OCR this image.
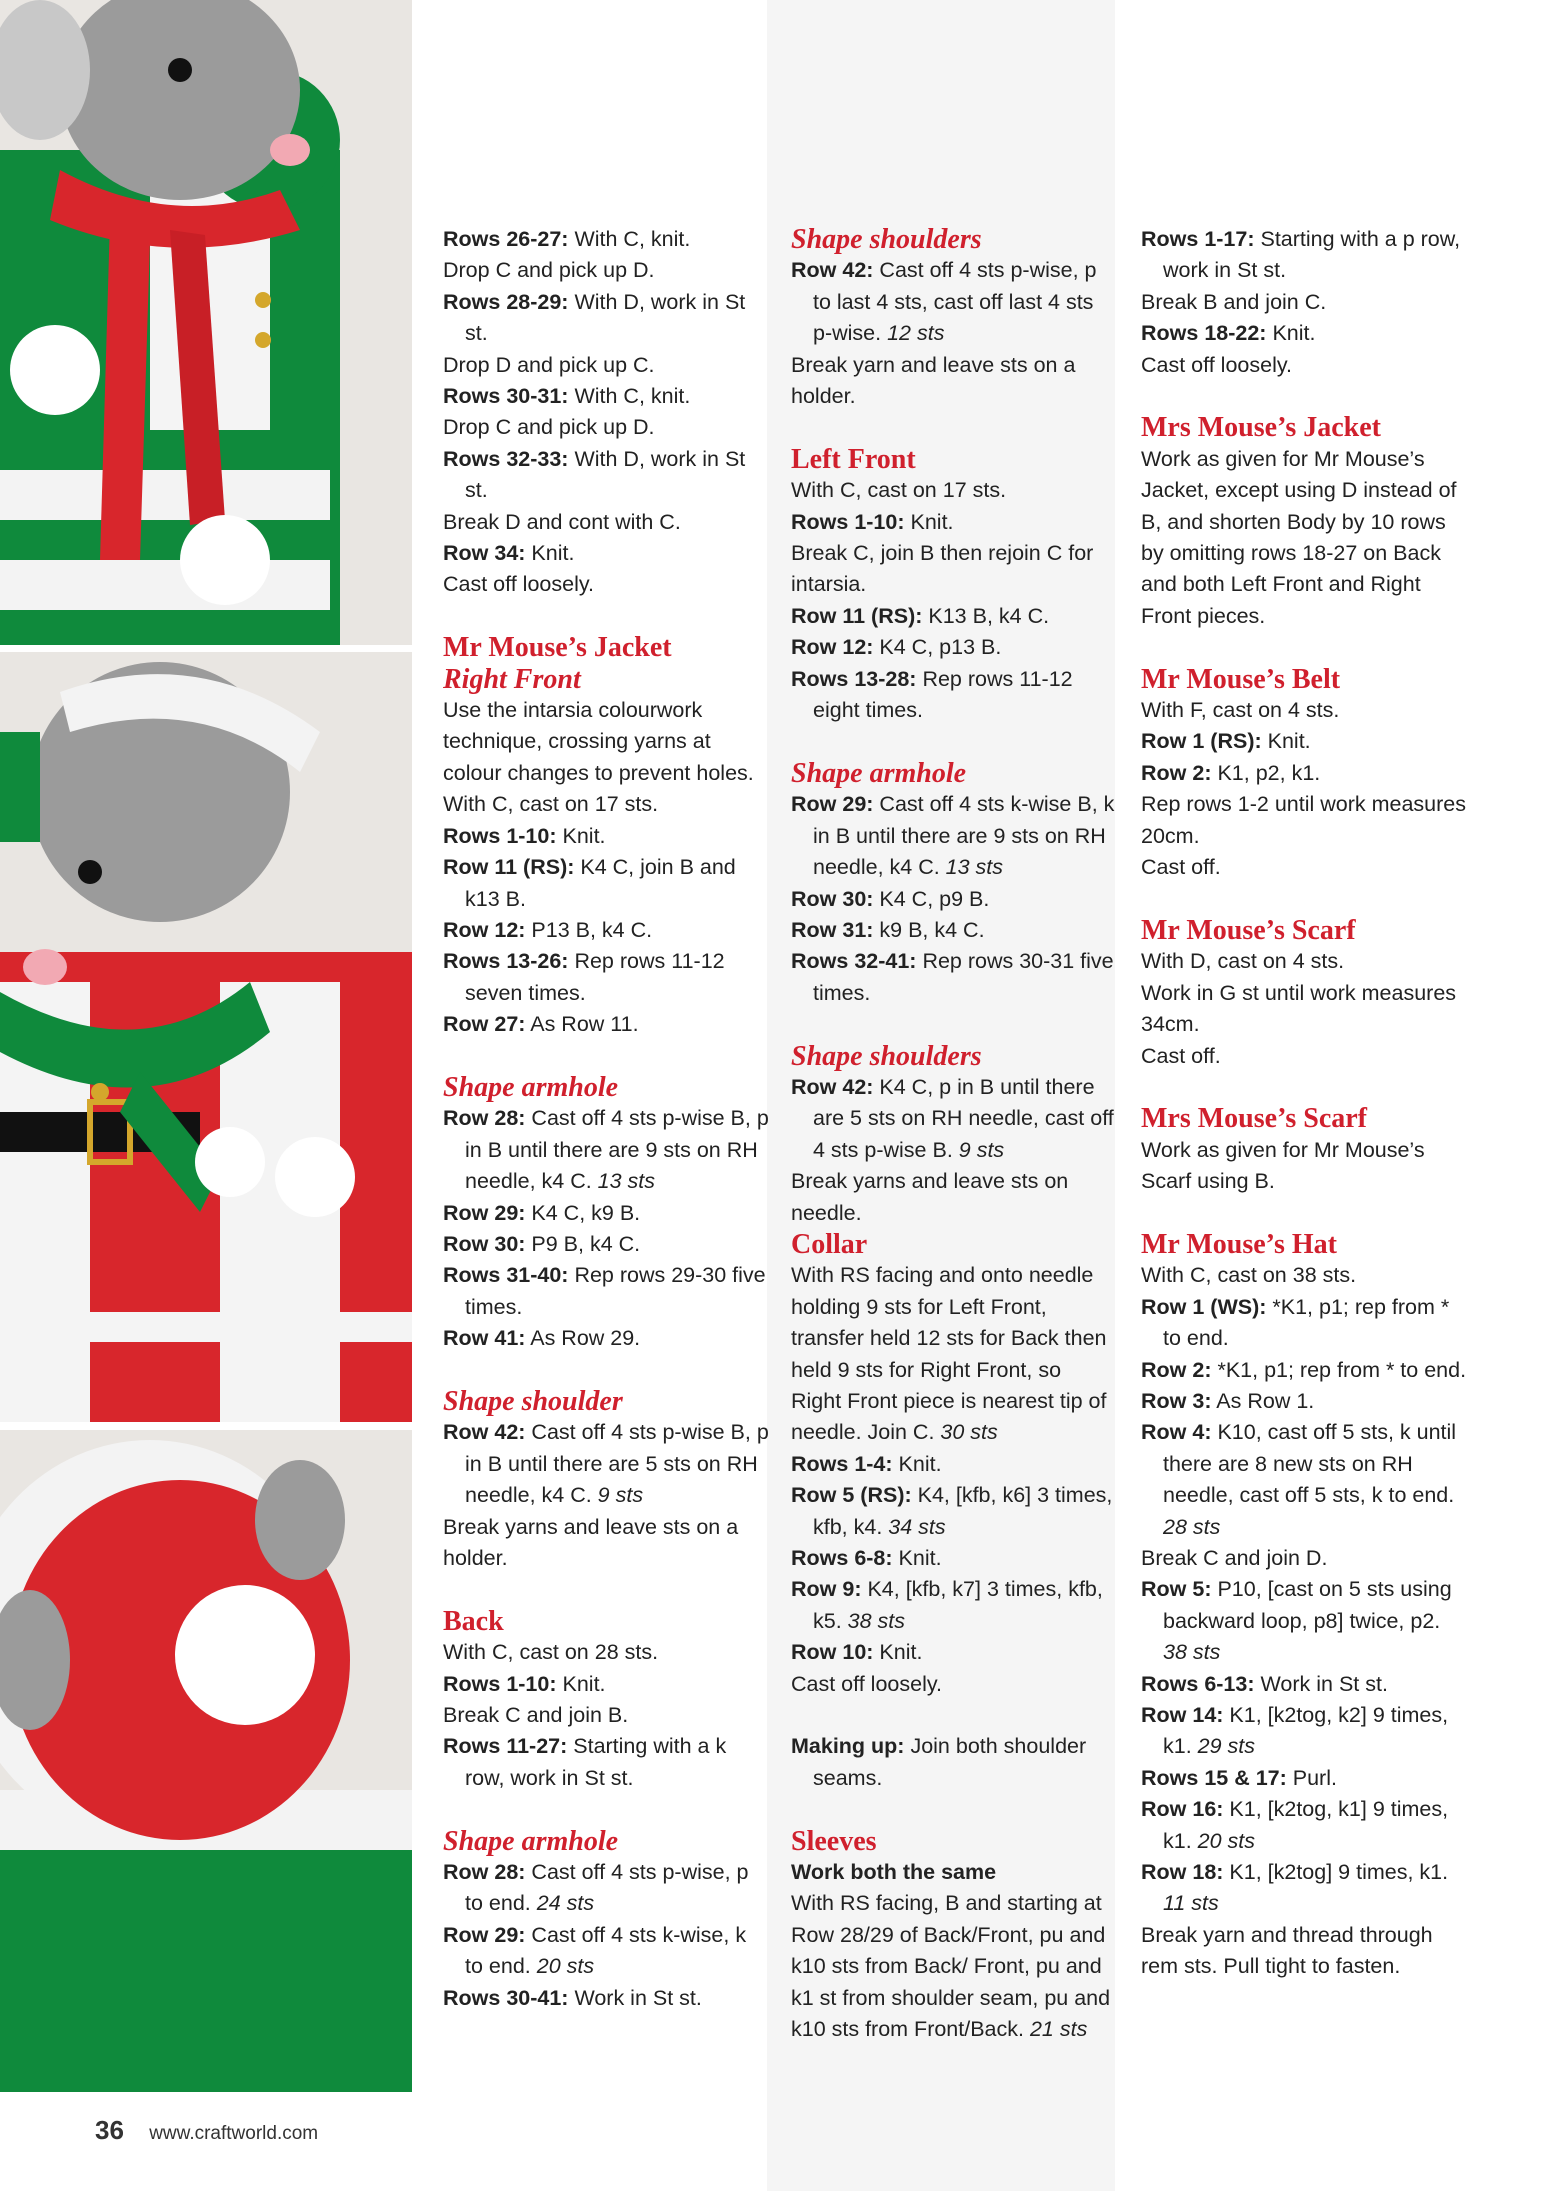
Rows 26-27: With C, knit.

Drop C and pick up D.

Rows 28-29: With D, work in St st.

Drop D and pick up C.

Rows 30-31: With C, knit.

Drop C and pick up D.

Rows 32-33: With D, work in St st.

Break D and cont with C.

Row 34: Knit.

Cast off loosely.

Mr Mouse’s Jacket

Right Front

Use the intarsia colourwork technique, crossing yarns at colour changes to prevent holes.

With C, cast on 17 sts.

Rows 1-10: Knit.

Row 11 (RS): K4 C, join B and k13 B.

Row 12: P13 B, k4 C.

Rows 13-26: Rep rows 11-12 seven times.

Row 27: As Row 11.

Shape armhole

Row 28: Cast off 4 sts p-wise B, p in B until there are 9 sts on RH needle, k4 C. 13 sts

Row 29: K4 C, k9 B.

Row 30: P9 B, k4 C.

Rows 31-40: Rep rows 29-30 five times.

Row 41: As Row 29.

Shape shoulder

Row 42: Cast off 4 sts p-wise B, p in B until there are 5 sts on RH needle, k4 C. 9 sts

Break yarns and leave sts on a holder.

Back

With C, cast on 28 sts.

Rows 1-10: Knit.

Break C and join B.

Rows 11-27: Starting with a k row, work in St st.

Shape armhole

Row 28: Cast off 4 sts p-wise, p to end. 24 sts

Row 29: Cast off 4 sts k-wise, k to end. 20 sts

Rows 30-41: Work in St st.

Shape shoulders

Row 42: Cast off 4 sts p-wise, p to last 4 sts, cast off last 4 sts p-wise. 12 sts

Break yarn and leave sts on a holder.

Left Front

With C, cast on 17 sts.

Rows 1-10: Knit.

Break C, join B then rejoin C for intarsia.

Row 11 (RS): K13 B, k4 C.

Row 12: K4 C, p13 B.

Rows 13-28: Rep rows 11-12 eight times.

Shape armhole

Row 29: Cast off 4 sts k-wise B, k in B until there are 9 sts on RH needle, k4 C. 13 sts

Row 30: K4 C, p9 B.

Row 31: k9 B, k4 C.

Rows 32-41: Rep rows 30-31 five times.

Shape shoulders

Row 42: K4 C, p in B until there are 5 sts on RH needle, cast off 4 sts p-wise B. 9 sts

Break yarns and leave sts on needle.

Collar

With RS facing and onto needle holding 9 sts for Left Front, transfer held 12 sts for Back then held 9 sts for Right Front, so Right Front piece is nearest tip of needle. Join C. 30 sts

Rows 1-4: Knit.

Row 5 (RS): K4, [kfb, k6] 3 times, kfb, k4. 34 sts

Rows 6-8: Knit.

Row 9: K4, [kfb, k7] 3 times, kfb, k5. 38 sts

Row 10: Knit.

Cast off loosely.

Making up: Join both shoulder seams.

Sleeves

Work both the same

With RS facing, B and starting at Row 28/29 of Back/Front, pu and k10 sts from Back/ Front, pu and k1 st from shoulder seam, pu and k10 sts from Front/Back. 21 sts

Rows 1-17: Starting with a p row, work in St st.

Break B and join C.

Rows 18-22: Knit.

Cast off loosely.

Mrs Mouse’s Jacket

Work as given for Mr Mouse’s Jacket, except using D instead of B, and shorten Body by 10 rows by omitting rows 18-27 on Back and both Left Front and Right Front pieces.

Mr Mouse’s Belt

With F, cast on 4 sts.

Row 1 (RS): Knit.

Row 2: K1, p2, k1.

Rep rows 1-2 until work measures 20cm.

Cast off.

Mr Mouse’s Scarf

With D, cast on 4 sts.

Work in G st until work measures 34cm.

Cast off.

Mrs Mouse’s Scarf

Work as given for Mr Mouse’s Scarf using B.

Mr Mouse’s Hat

With C, cast on 38 sts.

Row 1 (WS): *K1, p1; rep from * to end.

Row 2: *K1, p1; rep from * to end.

Row 3: As Row 1.

Row 4: K10, cast off 5 sts, k until there are 8 new sts on RH needle, cast off 5 sts, k to end. 28 sts

Break C and join D.

Row 5: P10, [cast on 5 sts using backward loop, p8] twice, p2. 38 sts

Rows 6-13: Work in St st.

Row 14: K1, [k2tog, k2] 9 times, k1. 29 sts

Rows 15 & 17: Purl.

Row 16: K1, [k2tog, k1] 9 times, k1. 20 sts

Row 18: K1, [k2tog] 9 times, k1. 11 sts

Break yarn and thread through rem sts. Pull tight to fasten.

36 www.craftworld.com
